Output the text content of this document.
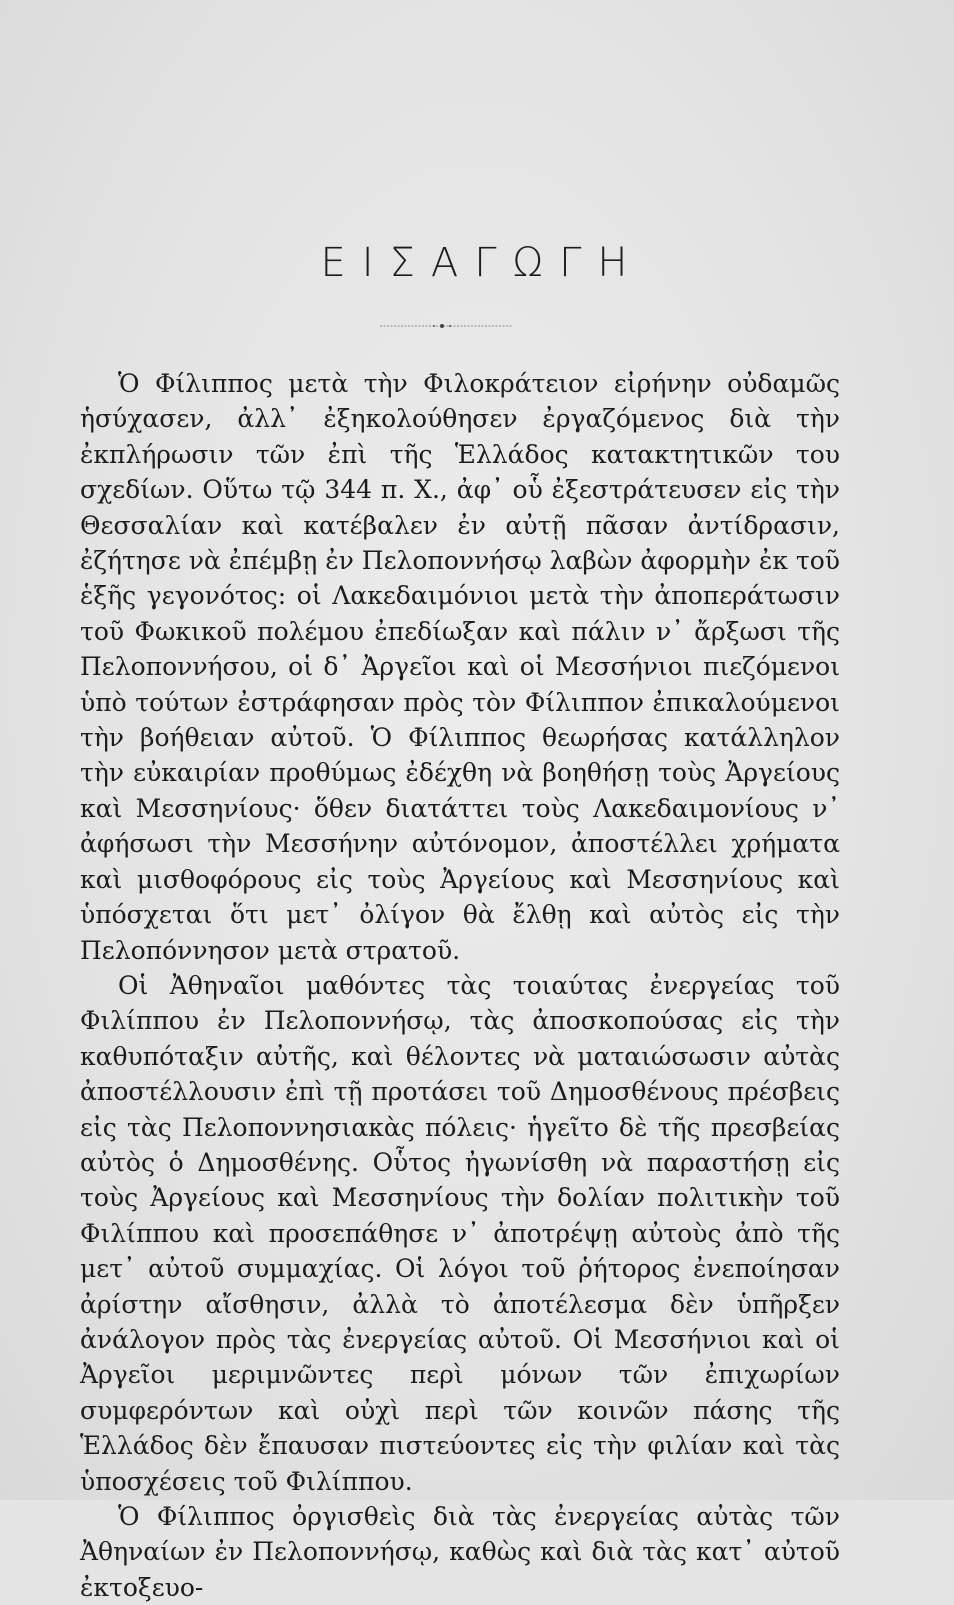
ΕΙΣΑΓΩΓΗ

Ὁ Φίλιππος μετὰ τὴν Φιλοκράτειον εἰρήνην οὐδαμῶς ἡσύχασεν, ἀλλ᾽ ἐξηκολούθησεν ἐργαζόμενος διὰ τὴν ἐκπλήρωσιν τῶν ἐπὶ τῆς Ἑλλάδος κατακτητικῶν του σχεδίων. Οὕτω τῷ 344 π. Χ., ἀφ᾽ οὗ ἐξεστράτευσεν εἰς τὴν Θεσσαλίαν καὶ κατέβαλεν ἐν αὐτῇ πᾶσαν ἀντίδρασιν, ἐζήτησε νὰ ἐπέμβῃ ἐν Πελοποννήσῳ λαβὼν ἀφορμὴν ἐκ τοῦ ἑξῆς γεγονότος: οἱ Λακεδαιμόνιοι μετὰ τὴν ἀποπεράτωσιν τοῦ Φωκικοῦ πολέμου ἐπεδίωξαν καὶ πάλιν ν᾽ ἄρξωσι τῆς Πελοποννήσου, οἱ δ᾽ Ἀργεῖοι καὶ οἱ Μεσσήνιοι πιεζόμενοι ὑπὸ τούτων ἐστράφησαν πρὸς τὸν Φίλιππον ἐπικαλούμενοι τὴν βοήθειαν αὐτοῦ. Ὁ Φίλιππος θεωρήσας κατάλληλον τὴν εὐκαιρίαν προθύμως ἐδέχθη νὰ βοηθήσῃ τοὺς Ἀργείους καὶ Μεσσηνίους· ὅθεν διατάττει τοὺς Λακεδαιμονίους ν᾽ ἀφήσωσι τὴν Μεσσήνην αὐτόνομον, ἀποστέλλει χρήματα καὶ μισθοφόρους εἰς τοὺς Ἀργείους καὶ Μεσσηνίους καὶ ὑπόσχεται ὅτι μετ᾽ ὀλίγον θὰ ἔλθῃ καὶ αὐτὸς εἰς τὴν Πελοπόννησον μετὰ στρατοῦ.

Οἱ Ἀθηναῖοι μαθόντες τὰς τοιαύτας ἐνεργείας τοῦ Φιλίππου ἐν Πελοποννήσῳ, τὰς ἀποσκοπούσας εἰς τὴν καθυπόταξιν αὐτῆς, καὶ θέλοντες νὰ ματαιώσωσιν αὐτὰς ἀποστέλλουσιν ἐπὶ τῇ προτάσει τοῦ Δημοσθένους πρέσβεις εἰς τὰς Πελοποννησιακὰς πόλεις· ἡγεῖτο δὲ τῆς πρεσβείας αὐτὸς ὁ Δημοσθένης. Οὗτος ἠγωνίσθη νὰ παραστήσῃ εἰς τοὺς Ἀργείους καὶ Μεσσηνίους τὴν δολίαν πολιτικὴν τοῦ Φιλίππου καὶ προσεπάθησε ν᾽ ἀποτρέψῃ αὐτοὺς ἀπὸ τῆς μετ᾽ αὐτοῦ συμμαχίας. Οἱ λόγοι τοῦ ῥήτορος ἐνεποίησαν ἀρίστην αἴσθησιν, ἀλλὰ τὸ ἀποτέλεσμα δὲν ὑπῆρξεν ἀνάλογον πρὸς τὰς ἐνεργείας αὐτοῦ. Οἱ Μεσσήνιοι καὶ οἱ Ἀργεῖοι μεριμνῶντες περὶ μόνων τῶν ἐπιχωρίων συμφερόντων καὶ οὐχὶ περὶ τῶν κοινῶν πάσης τῆς Ἑλλάδος δὲν ἔπαυσαν πιστεύοντες εἰς τὴν φιλίαν καὶ τὰς ὑποσχέσεις τοῦ Φιλίππου.

Ὁ Φίλιππος ὀργισθεὶς διὰ τὰς ἐνεργείας αὐτὰς τῶν Ἀθηναίων ἐν Πελοποννήσῳ, καθὼς καὶ διὰ τὰς κατ᾽ αὐτοῦ ἐκτοξευο-
